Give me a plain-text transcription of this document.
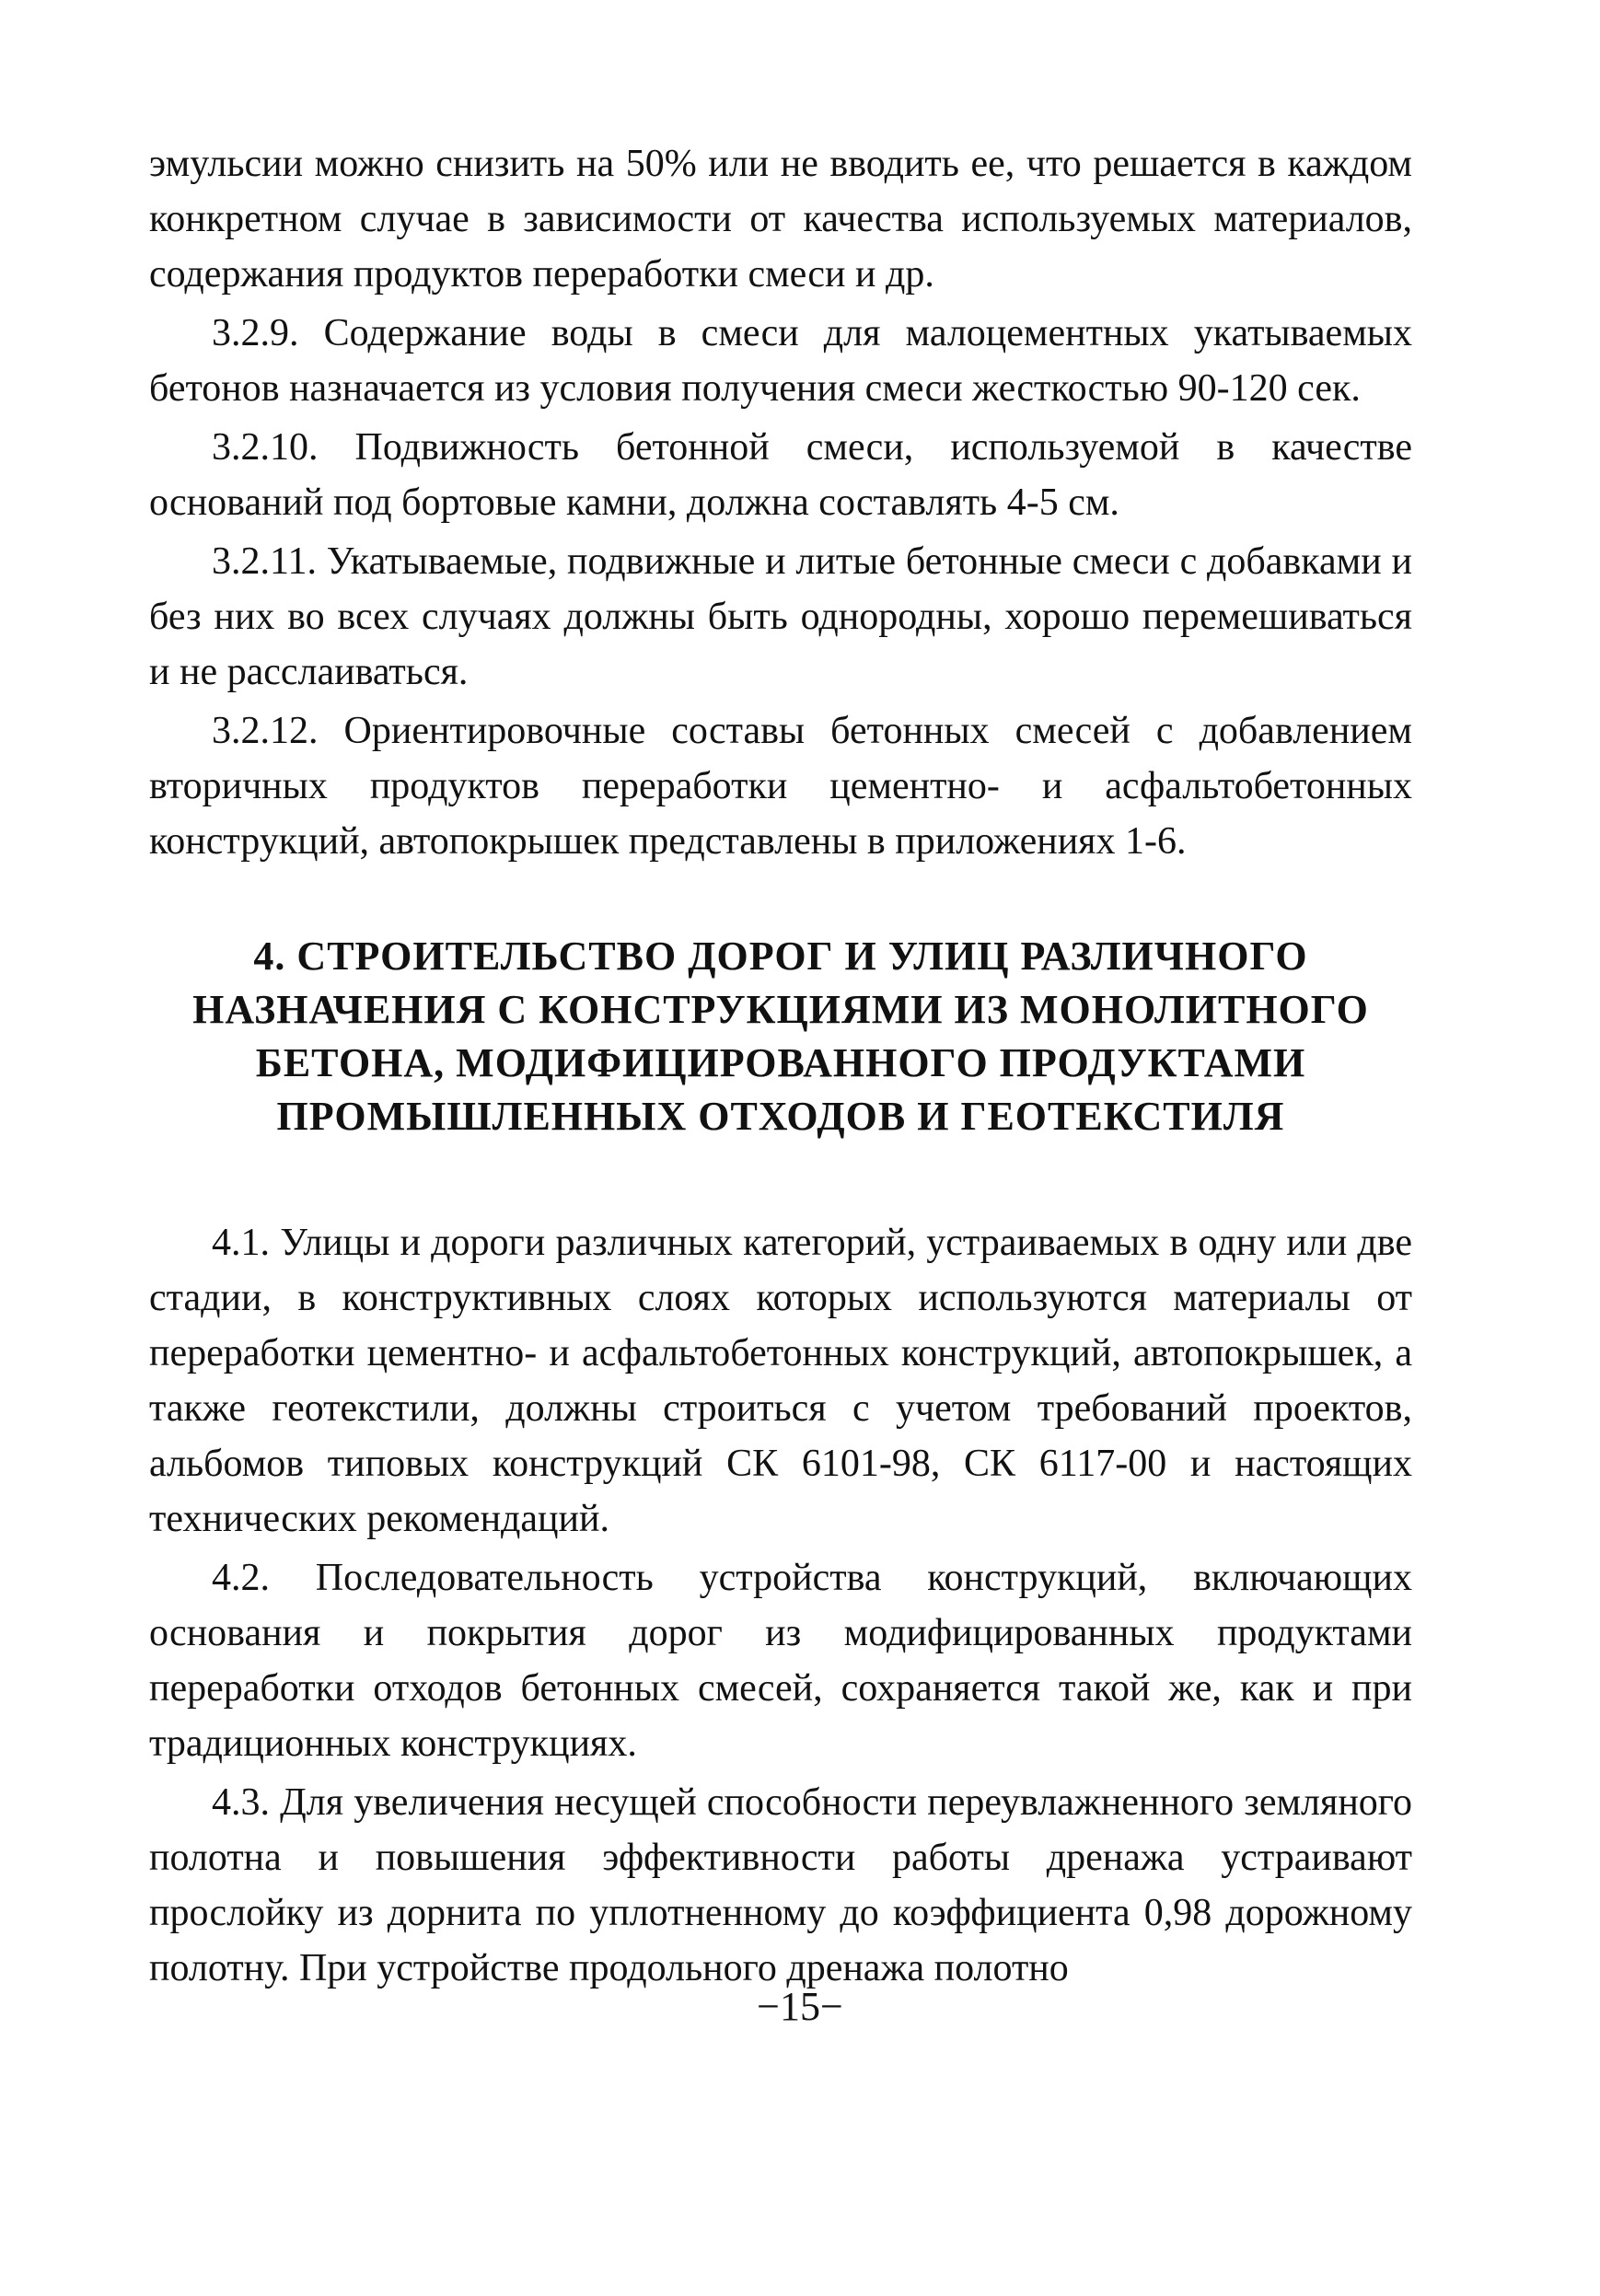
эмульсии можно снизить на 50% или не вводить ее, что решается в каждом конкретном случае в зависимости от качества используемых материалов, содержания продуктов переработки смеси и др.

3.2.9. Содержание воды в смеси для малоцементных укатываемых бетонов назначается из условия получения смеси жесткостью 90-120 сек.

3.2.10. Подвижность бетонной смеси, используемой в качестве оснований под бортовые камни, должна составлять 4-5 см.

3.2.11. Укатываемые, подвижные и литые бетонные смеси с добавками и без них во всех случаях должны быть однородны, хорошо перемешиваться и не расслаиваться.

3.2.12. Ориентировочные составы бетонных смесей с добавлением вторичных продуктов переработки цементно- и асфальтобетонных конструкций, автопокрышек представлены в приложениях 1-6.

4. СТРОИТЕЛЬСТВО ДОРОГ И УЛИЦ РАЗЛИЧНОГО
НАЗНАЧЕНИЯ С КОНСТРУКЦИЯМИ ИЗ МОНОЛИТНОГО
БЕТОНА, МОДИФИЦИРОВАННОГО ПРОДУКТАМИ
ПРОМЫШЛЕННЫХ ОТХОДОВ И ГЕОТЕКСТИЛЯ

4.1. Улицы и дороги различных категорий, устраиваемых в одну или две стадии, в конструктивных слоях которых используются материалы от переработки цементно- и асфальтобетонных конструкций, автопокрышек, а также геотекстили, должны строиться с учетом требований проектов, альбомов типовых конструкций СК 6101-98, СК 6117-00 и настоящих технических рекомендаций.

4.2. Последовательность устройства конструкций, включающих основания и покрытия дорог из модифицированных продуктами переработки отходов бетонных смесей, сохраняется такой же, как и при традиционных конструкциях.

4.3. Для увеличения несущей способности переувлажненного земляного полотна и повышения эффективности работы дренажа устраивают прослойку из дорнита по уплотненному до коэффициента 0,98 дорожному полотну. При устройстве продольного дренажа полотно

−15−
